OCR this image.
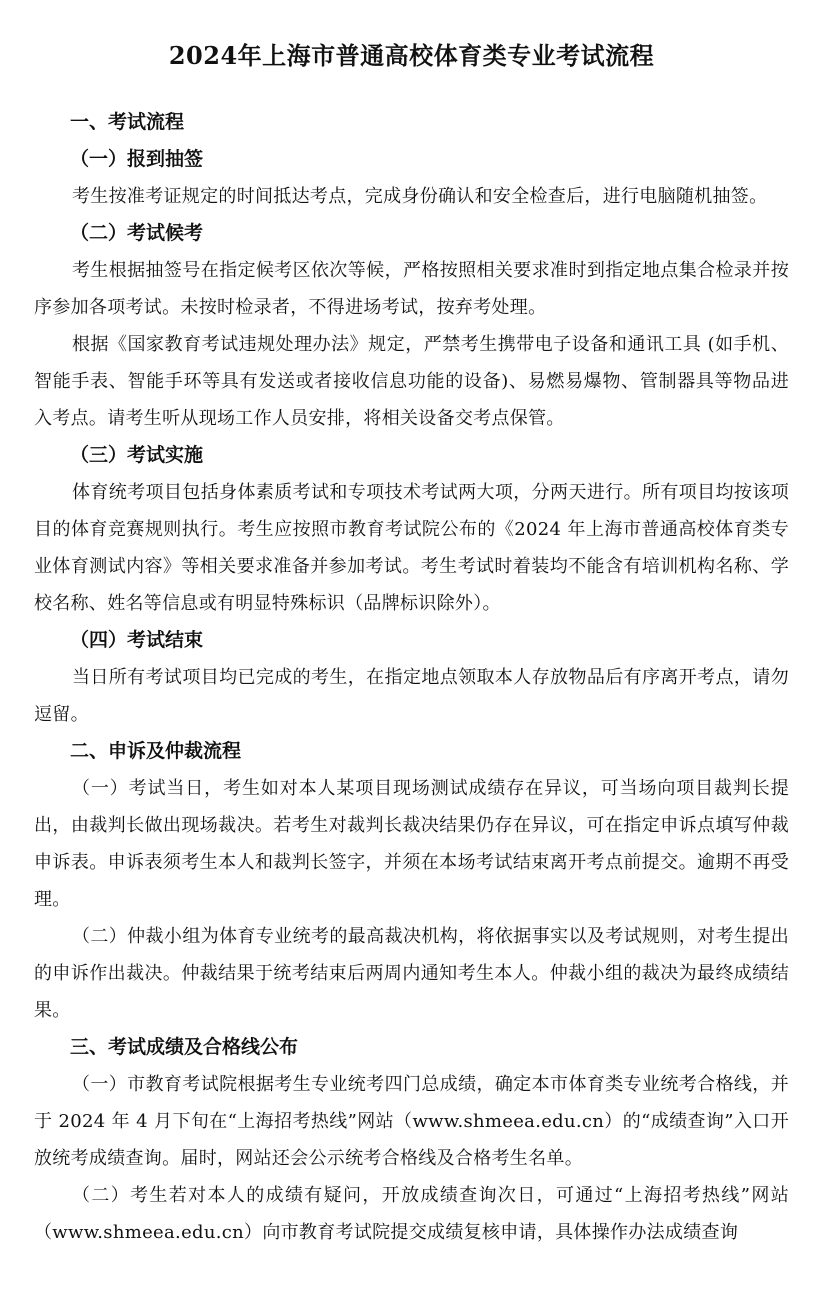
2024年上海市普通高校体育类专业考试流程
一、考试流程
（一）报到抽签
考生按准考证规定的时间抵达考点，完成身份确认和安全检查后，进行电脑随机抽签。
（二）考试候考
考生根据抽签号在指定候考区依次等候，严格按照相关要求准时到指定地点集合检录并按序参加各项考试。未按时检录者，不得进场考试，按弃考处理。
根据《国家教育考试违规处理办法》规定，严禁考生携带电子设备和通讯工具 (如手机、智能手表、智能手环等具有发送或者接收信息功能的设备)、易燃易爆物、管制器具等物品进入考点。请考生听从现场工作人员安排，将相关设备交考点保管。
（三）考试实施
体育统考项目包括身体素质考试和专项技术考试两大项，分两天进行。所有项目均按该项目的体育竞赛规则执行。考生应按照市教育考试院公布的《2024 年上海市普通高校体育类专业体育测试内容》等相关要求准备并参加考试。考生考试时着装均不能含有培训机构名称、学校名称、姓名等信息或有明显特殊标识（品牌标识除外）。
（四）考试结束
当日所有考试项目均已完成的考生，在指定地点领取本人存放物品后有序离开考点，请勿逗留。
二、申诉及仲裁流程
（一）考试当日，考生如对本人某项目现场测试成绩存在异议，可当场向项目裁判长提出，由裁判长做出现场裁决。若考生对裁判长裁决结果仍存在异议，可在指定申诉点填写仲裁申诉表。申诉表须考生本人和裁判长签字，并须在本场考试结束离开考点前提交。逾期不再受理。
（二）仲裁小组为体育专业统考的最高裁决机构，将依据事实以及考试规则，对考生提出的申诉作出裁决。仲裁结果于统考结束后两周内通知考生本人。仲裁小组的裁决为最终成绩结果。
三、考试成绩及合格线公布
（一）市教育考试院根据考生专业统考四门总成绩，确定本市体育类专业统考合格线，并于 2024 年 4 月下旬在“上海招考热线”网站（www.shmeea.edu.cn）的“成绩查询”入口开放统考成绩查询。届时，网站还会公示统考合格线及合格考生名单。
（二）考生若对本人的成绩有疑问，开放成绩查询次日，可通过“上海招考热线”网站（www.shmeea.edu.cn）向市教育考试院提交成绩复核申请，具体操作办法成绩查询
